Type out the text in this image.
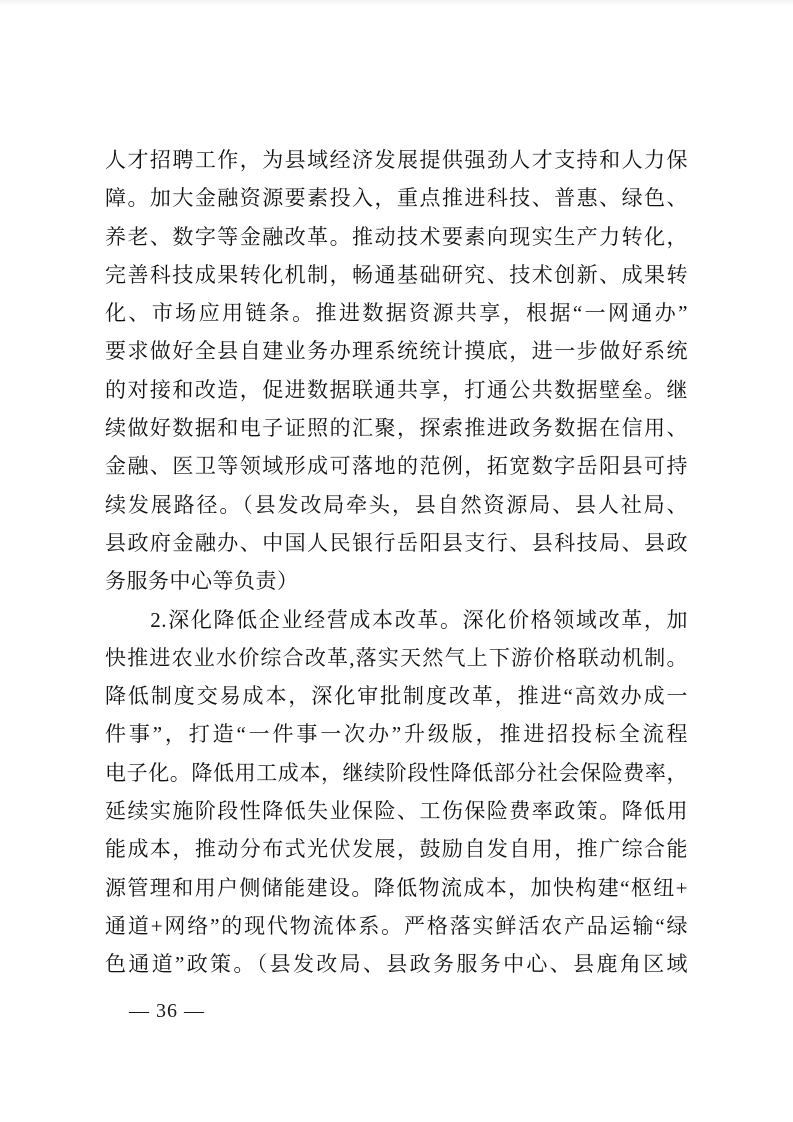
人才招聘工作，为县域经济发展提供强劲人才支持和人力保
障。加大金融资源要素投入，重点推进科技、普惠、绿色、
养老、数字等金融改革。推动技术要素向现实生产力转化，
完善科技成果转化机制，畅通基础研究、技术创新、成果转
化、市场应用链条。推进数据资源共享，根据“一网通办”
要求做好全县自建业务办理系统统计摸底，进一步做好系统
的对接和改造，促进数据联通共享，打通公共数据壁垒。继
续做好数据和电子证照的汇聚，探索推进政务数据在信用、
金融、医卫等领域形成可落地的范例，拓宽数字岳阳县可持
续发展路径。（县发改局牵头，县自然资源局、县人社局、
县政府金融办、中国人民银行岳阳县支行、县科技局、县政
务服务中心等负责）
　　2.深化降低企业经营成本改革。深化价格领域改革，加
快推进农业水价综合改革,落实天然气上下游价格联动机制。
降低制度交易成本，深化审批制度改革，推进“高效办成一
件事”，打造“一件事一次办”升级版，推进招投标全流程
电子化。降低用工成本，继续阶段性降低部分社会保险费率，
延续实施阶段性降低失业保险、工伤保险费率政策。降低用
能成本，推动分布式光伏发展，鼓励自发自用，推广综合能
源管理和用户侧储能建设。降低物流成本，加快构建“枢纽+
通道+网络”的现代物流体系。严格落实鲜活农产品运输“绿
色通道”政策。（县发改局、县政务服务中心、县鹿角区域
— 36 —
